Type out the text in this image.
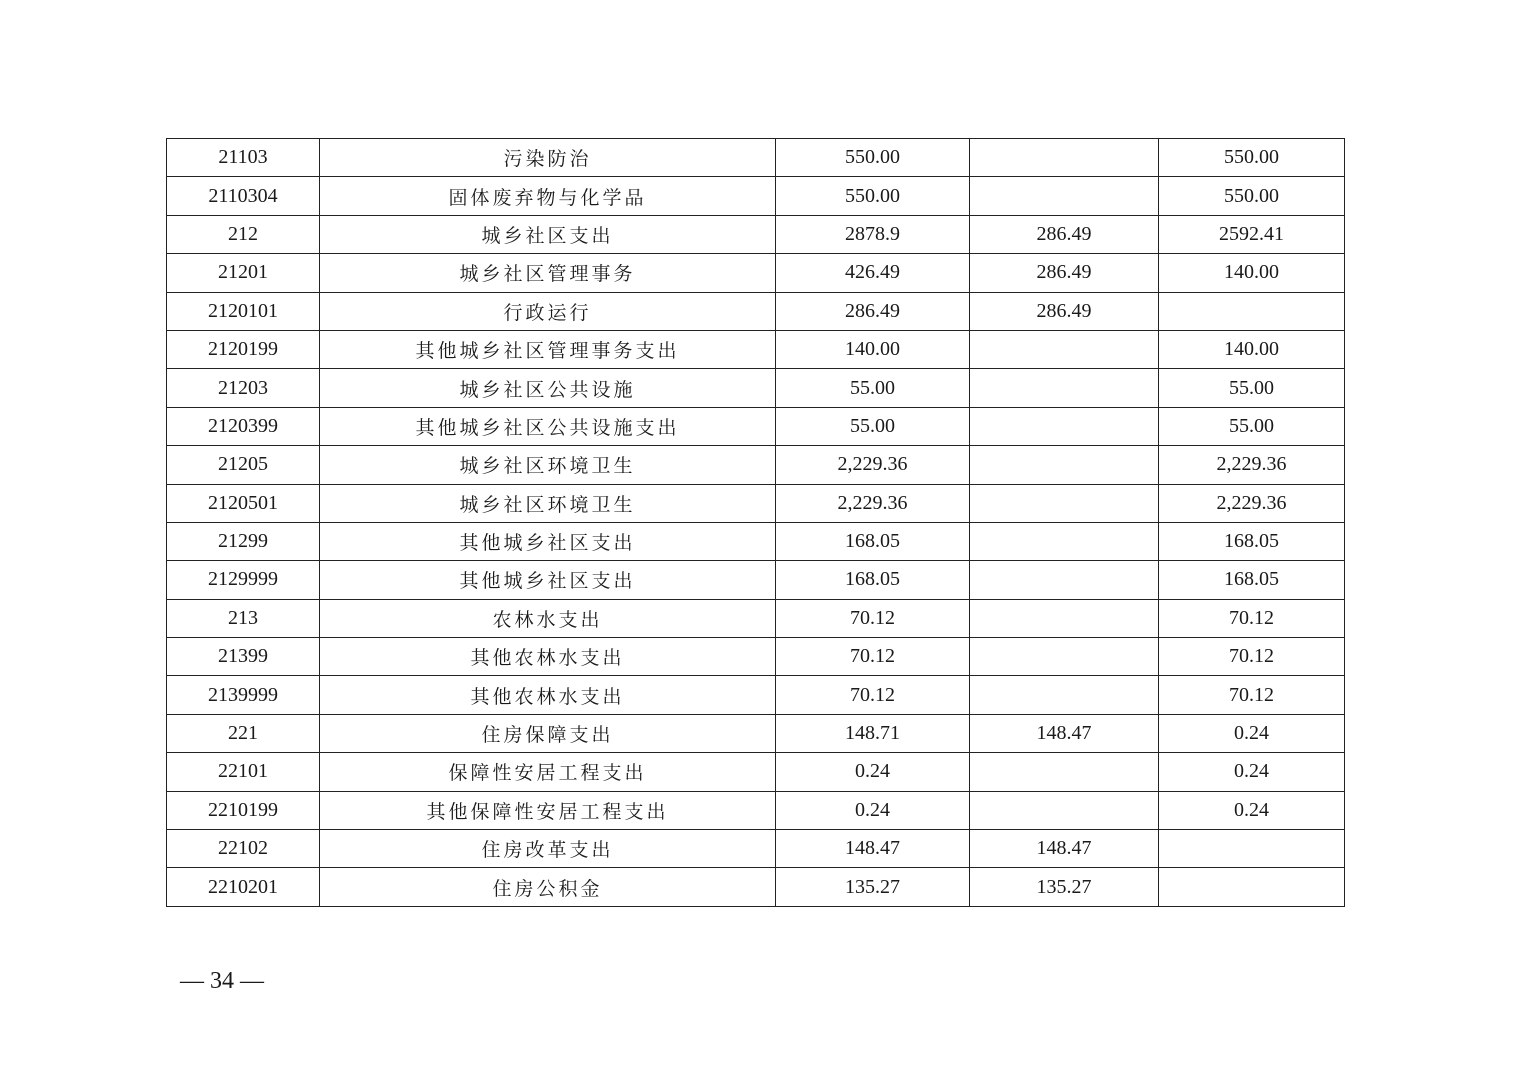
21103	污染防治	550.00		550.00
2110304	固体废弃物与化学品	550.00		550.00
212	城乡社区支出	2878.9	286.49	2592.41
21201	城乡社区管理事务	426.49	286.49	140.00
2120101	行政运行	286.49	286.49	
2120199	其他城乡社区管理事务支出	140.00		140.00
21203	城乡社区公共设施	55.00		55.00
2120399	其他城乡社区公共设施支出	55.00		55.00
21205	城乡社区环境卫生	2,229.36		2,229.36
2120501	城乡社区环境卫生	2,229.36		2,229.36
21299	其他城乡社区支出	168.05		168.05
2129999	其他城乡社区支出	168.05		168.05
213	农林水支出	70.12		70.12
21399	其他农林水支出	70.12		70.12
2139999	其他农林水支出	70.12		70.12
221	住房保障支出	148.71	148.47	0.24
22101	保障性安居工程支出	0.24		0.24
2210199	其他保障性安居工程支出	0.24		0.24
22102	住房改革支出	148.47	148.47	
2210201	住房公积金	135.27	135.27	
— 34 —
